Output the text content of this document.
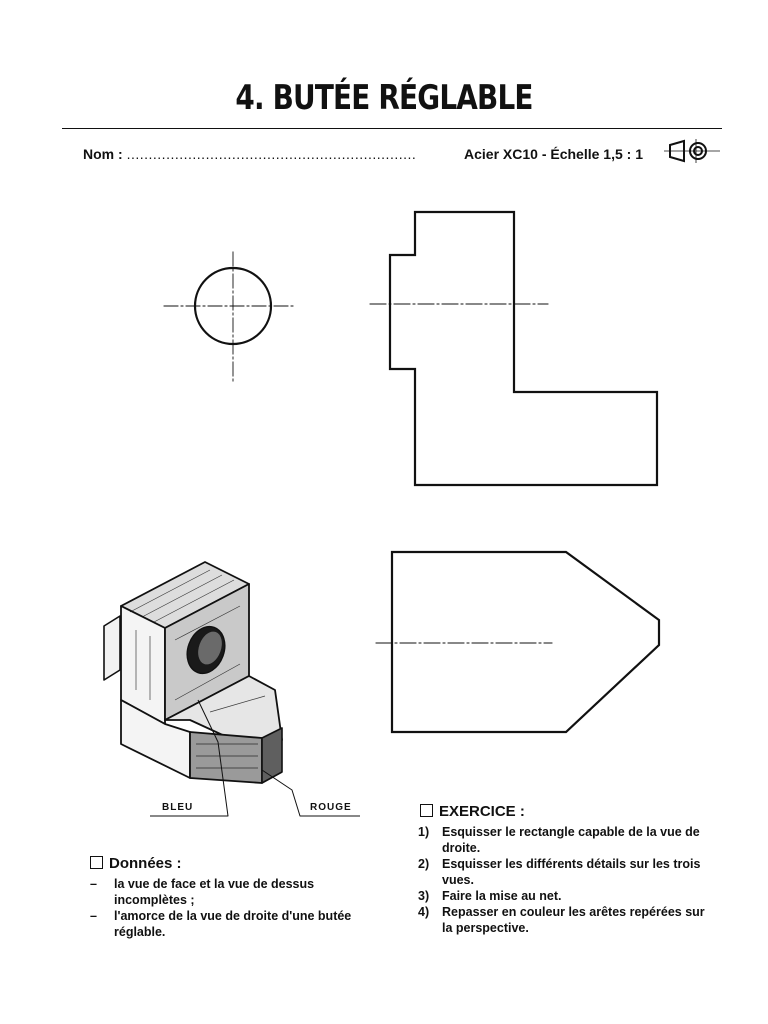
4. BUTÉE RÉGLABLE
Nom : ..................................................................	Acier XC10 - Échelle 1,5 : 1
BLEU	ROUGE
Données :
– la vue de face et la vue de dessus incomplètes ;
– l'amorce de la vue de droite d'une butée réglable.
EXERCICE :
1) Esquisser le rectangle capable de la vue de droite.
2) Esquisser les différents détails sur les trois vues.
3) Faire la mise au net.
4) Repasser en couleur les arêtes repérées sur la perspective.
